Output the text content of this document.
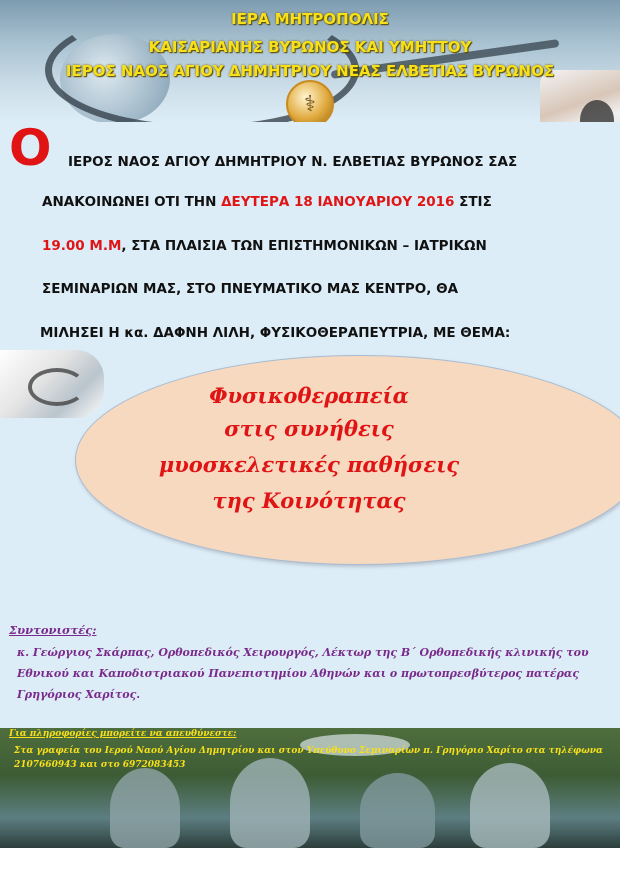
⚕
ΙΕΡΑ ΜΗΤΡΟΠΟΛΙΣ
ΚΑΙΣΑΡΙΑΝΗΣ ΒΥΡΩΝΟΣ ΚΑΙ ΥΜΗΤΤΟΥ
ΙΕΡΟΣ ΝΑΟΣ ΑΓΙΟΥ ΔΗΜΗΤΡΙΟΥ ΝΕΑΣ ΕΛΒΕΤΙΑΣ ΒΥΡΩΝΟΣ
Ο ΙΕΡΟΣ ΝΑΟΣ ΑΓΙΟΥ ΔΗΜΗΤΡΙΟΥ Ν. ΕΛΒΕΤΙΑΣ ΒΥΡΩΝΟΣ ΣΑΣ
ΑΝΑΚΟΙΝΩΝΕΙ ΟΤΙ ΤΗΝ ΔΕΥΤΕΡΑ 18 ΙΑΝΟΥΑΡΙΟΥ 2016 ΣΤΙΣ
19.00 Μ.Μ, ΣΤΑ ΠΛΑΙΣΙΑ ΤΩΝ ΕΠΙΣΤΗΜΟΝΙΚΩΝ – ΙΑΤΡΙΚΩΝ
ΣΕΜΙΝΑΡΙΩΝ ΜΑΣ, ΣΤΟ ΠΝΕΥΜΑΤΙΚΟ ΜΑΣ ΚΕΝΤΡΟ, ΘΑ
ΜΙΛΗΣΕΙ Η κα. ΔΑΦΝΗ ΛΙΛΗ, ΦΥΣΙΚΟΘΕΡΑΠΕΥΤΡΙΑ, ΜΕ ΘΕΜΑ:
Φυσικοθεραπεία
στις συνήθεις
μυοσκελετικές παθήσεις
της Κοινότητας
Συντονιστές:
κ. Γεώργιος Σκάρπας, Ορθοπεδικός Χειρουργός, Λέκτωρ της Β΄ Ορθοπεδικής κλινικής του
Εθνικού και Καποδιστριακού Πανεπιστημίου Αθηνών και ο πρωτοπρεσβύτερος πατέρας
Γρηγόριος Χαρίτος.
Για πληροφορίες μπορείτε να απευθύνεστε:
Στα γραφεία του Ιερού Ναού Αγίου Δημητρίου και στον Υπεύθυνο Σεμιναρίων π. Γρηγόριο Χαρίτο στα τηλέφωνα
2107660943 και στο 6972083453
